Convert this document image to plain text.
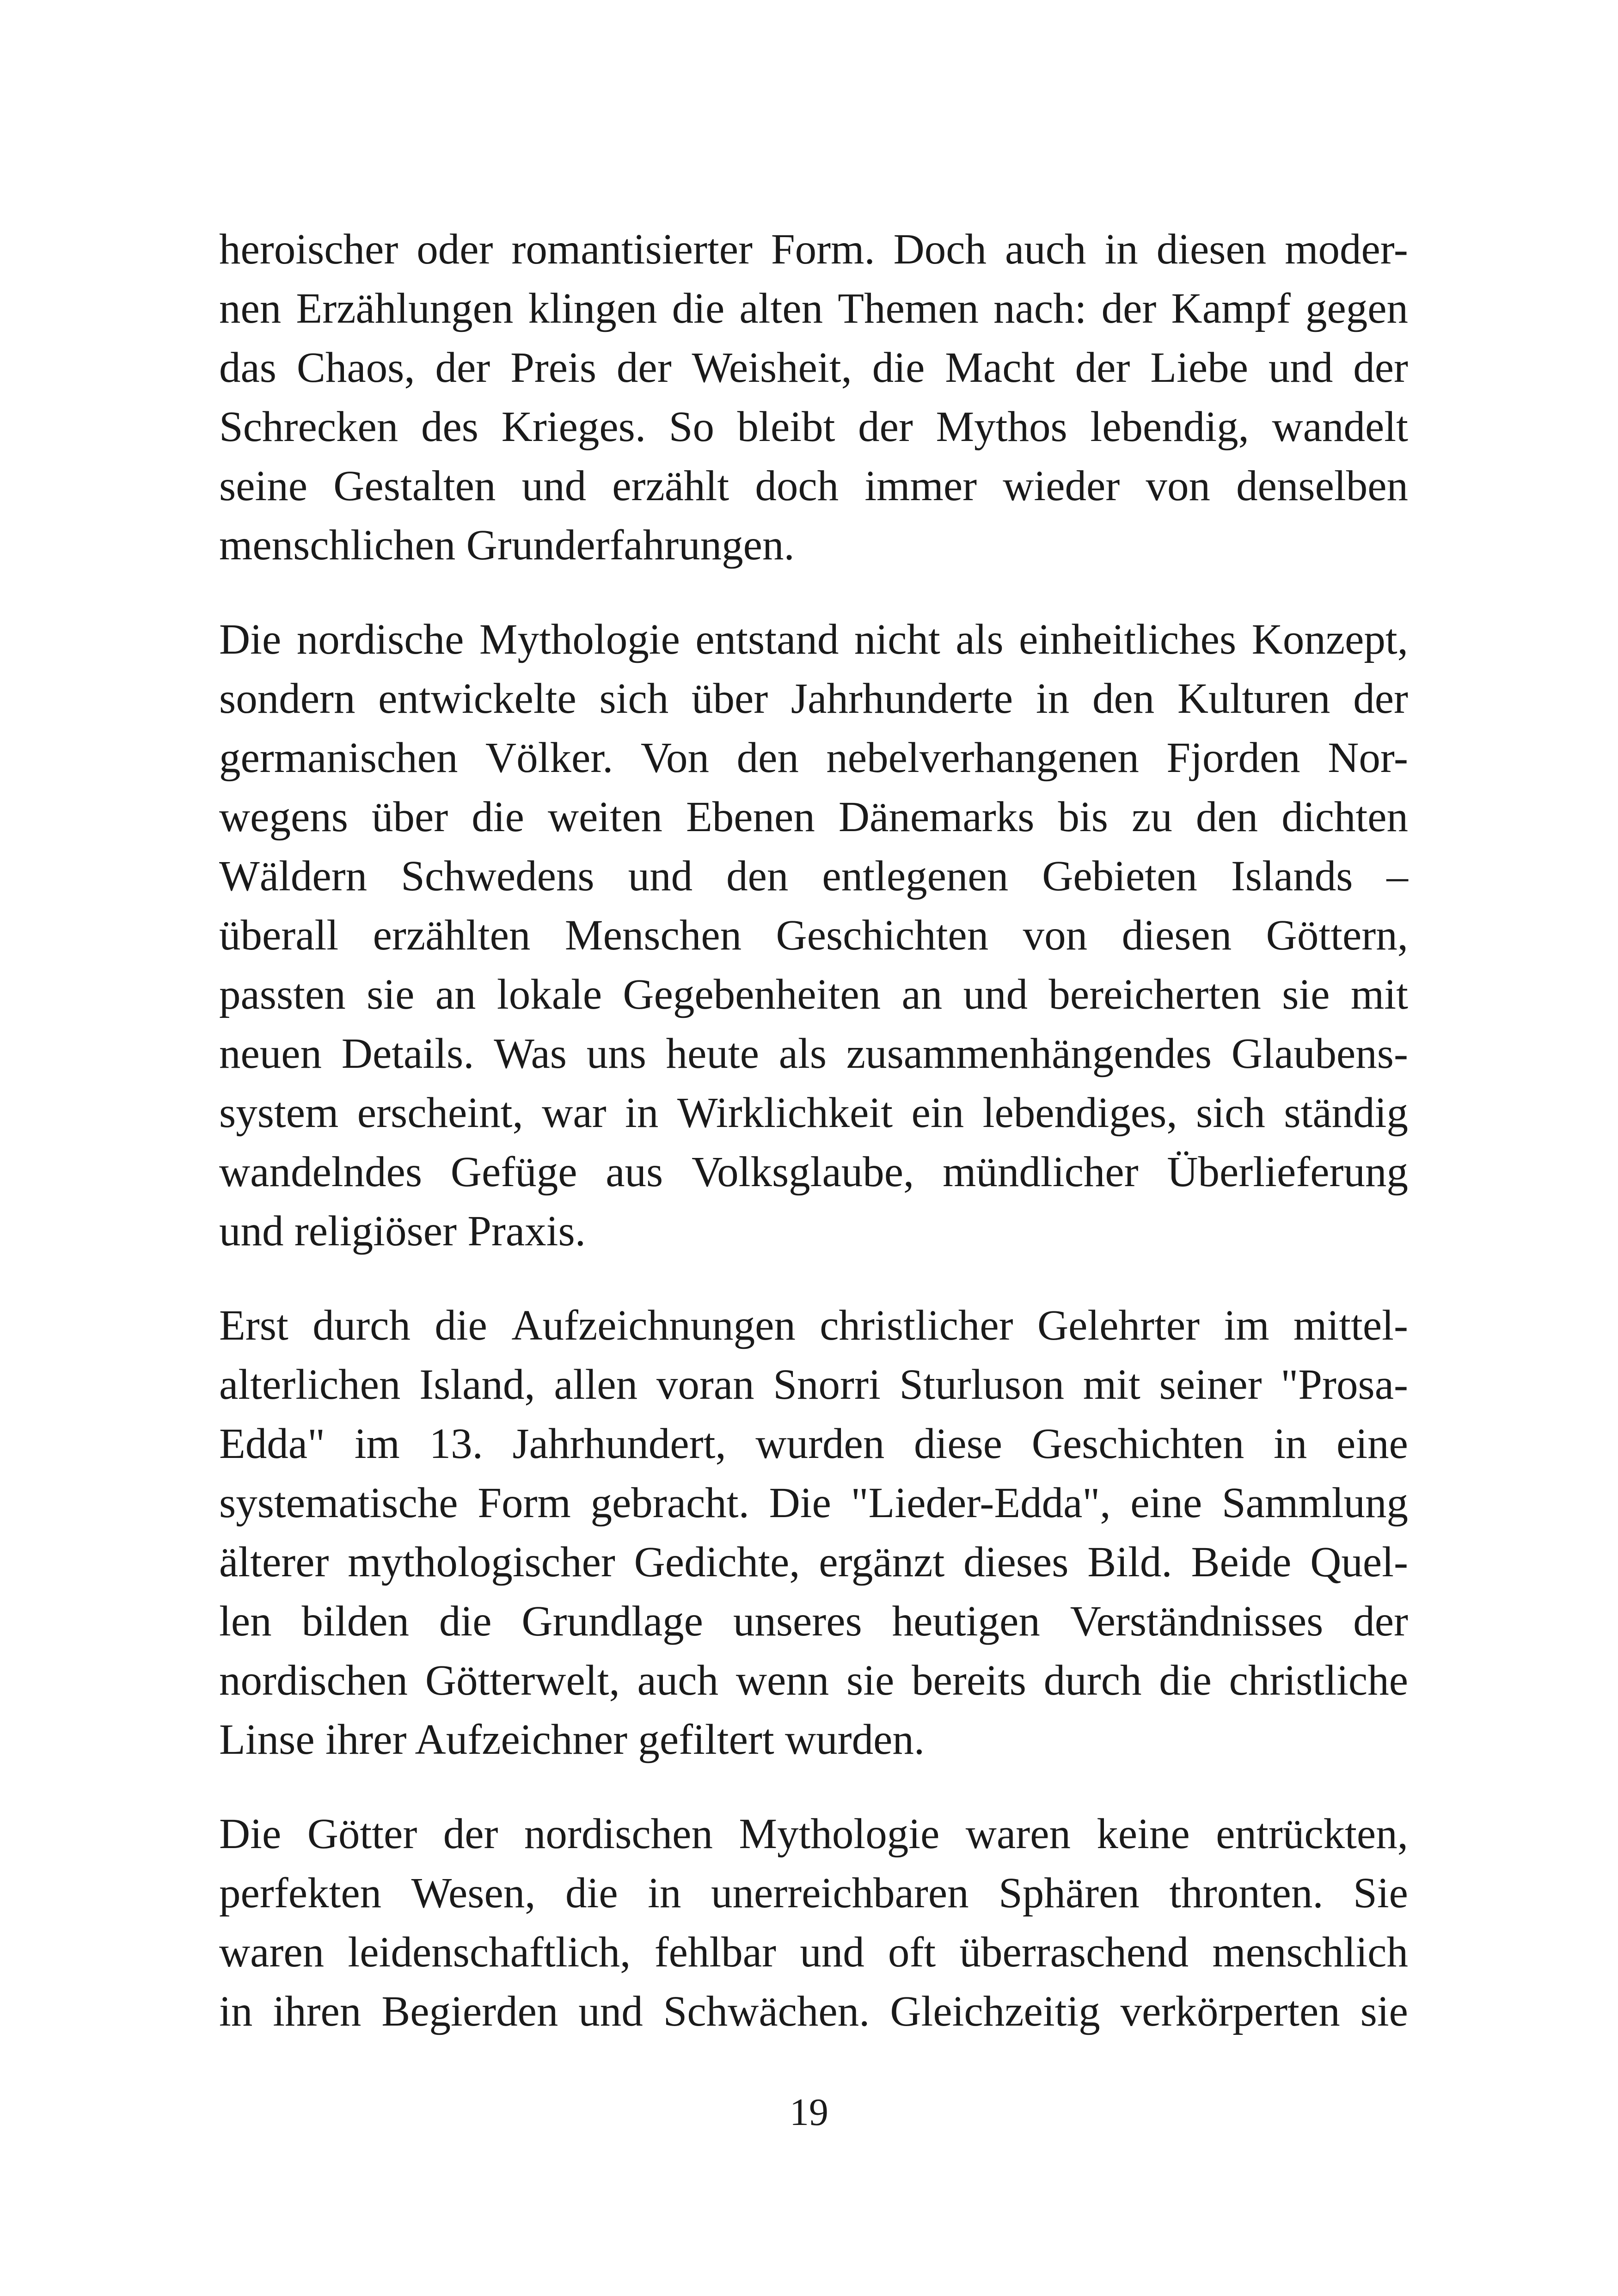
heroischer oder romantisierter Form. Doch auch in diesen moder-
nen Erzählungen klingen die alten Themen nach: der Kampf gegen
das Chaos, der Preis der Weisheit, die Macht der Liebe und der
Schrecken des Krieges. So bleibt der Mythos lebendig, wandelt
seine Gestalten und erzählt doch immer wieder von denselben
menschlichen Grunderfahrungen.
Die nordische Mythologie entstand nicht als einheitliches Konzept,
sondern entwickelte sich über Jahrhunderte in den Kulturen der
germanischen Völker. Von den nebelverhangenen Fjorden Nor-
wegens über die weiten Ebenen Dänemarks bis zu den dichten
Wäldern Schwedens und den entlegenen Gebieten Islands –
überall erzählten Menschen Geschichten von diesen Göttern,
passten sie an lokale Gegebenheiten an und bereicherten sie mit
neuen Details. Was uns heute als zusammenhängendes Glaubens-
system erscheint, war in Wirklichkeit ein lebendiges, sich ständig
wandelndes Gefüge aus Volksglaube, mündlicher Überlieferung
und religiöser Praxis.
Erst durch die Aufzeichnungen christlicher Gelehrter im mittel-
alterlichen Island, allen voran Snorri Sturluson mit seiner "Prosa-
Edda" im 13. Jahrhundert, wurden diese Geschichten in eine
systematische Form gebracht. Die "Lieder-Edda", eine Sammlung
älterer mythologischer Gedichte, ergänzt dieses Bild. Beide Quel-
len bilden die Grundlage unseres heutigen Verständnisses der
nordischen Götterwelt, auch wenn sie bereits durch die christliche
Linse ihrer Aufzeichner gefiltert wurden.
Die Götter der nordischen Mythologie waren keine entrückten,
perfekten Wesen, die in unerreichbaren Sphären thronten. Sie
waren leidenschaftlich, fehlbar und oft überraschend menschlich
in ihren Begierden und Schwächen. Gleichzeitig verkörperten sie
19
